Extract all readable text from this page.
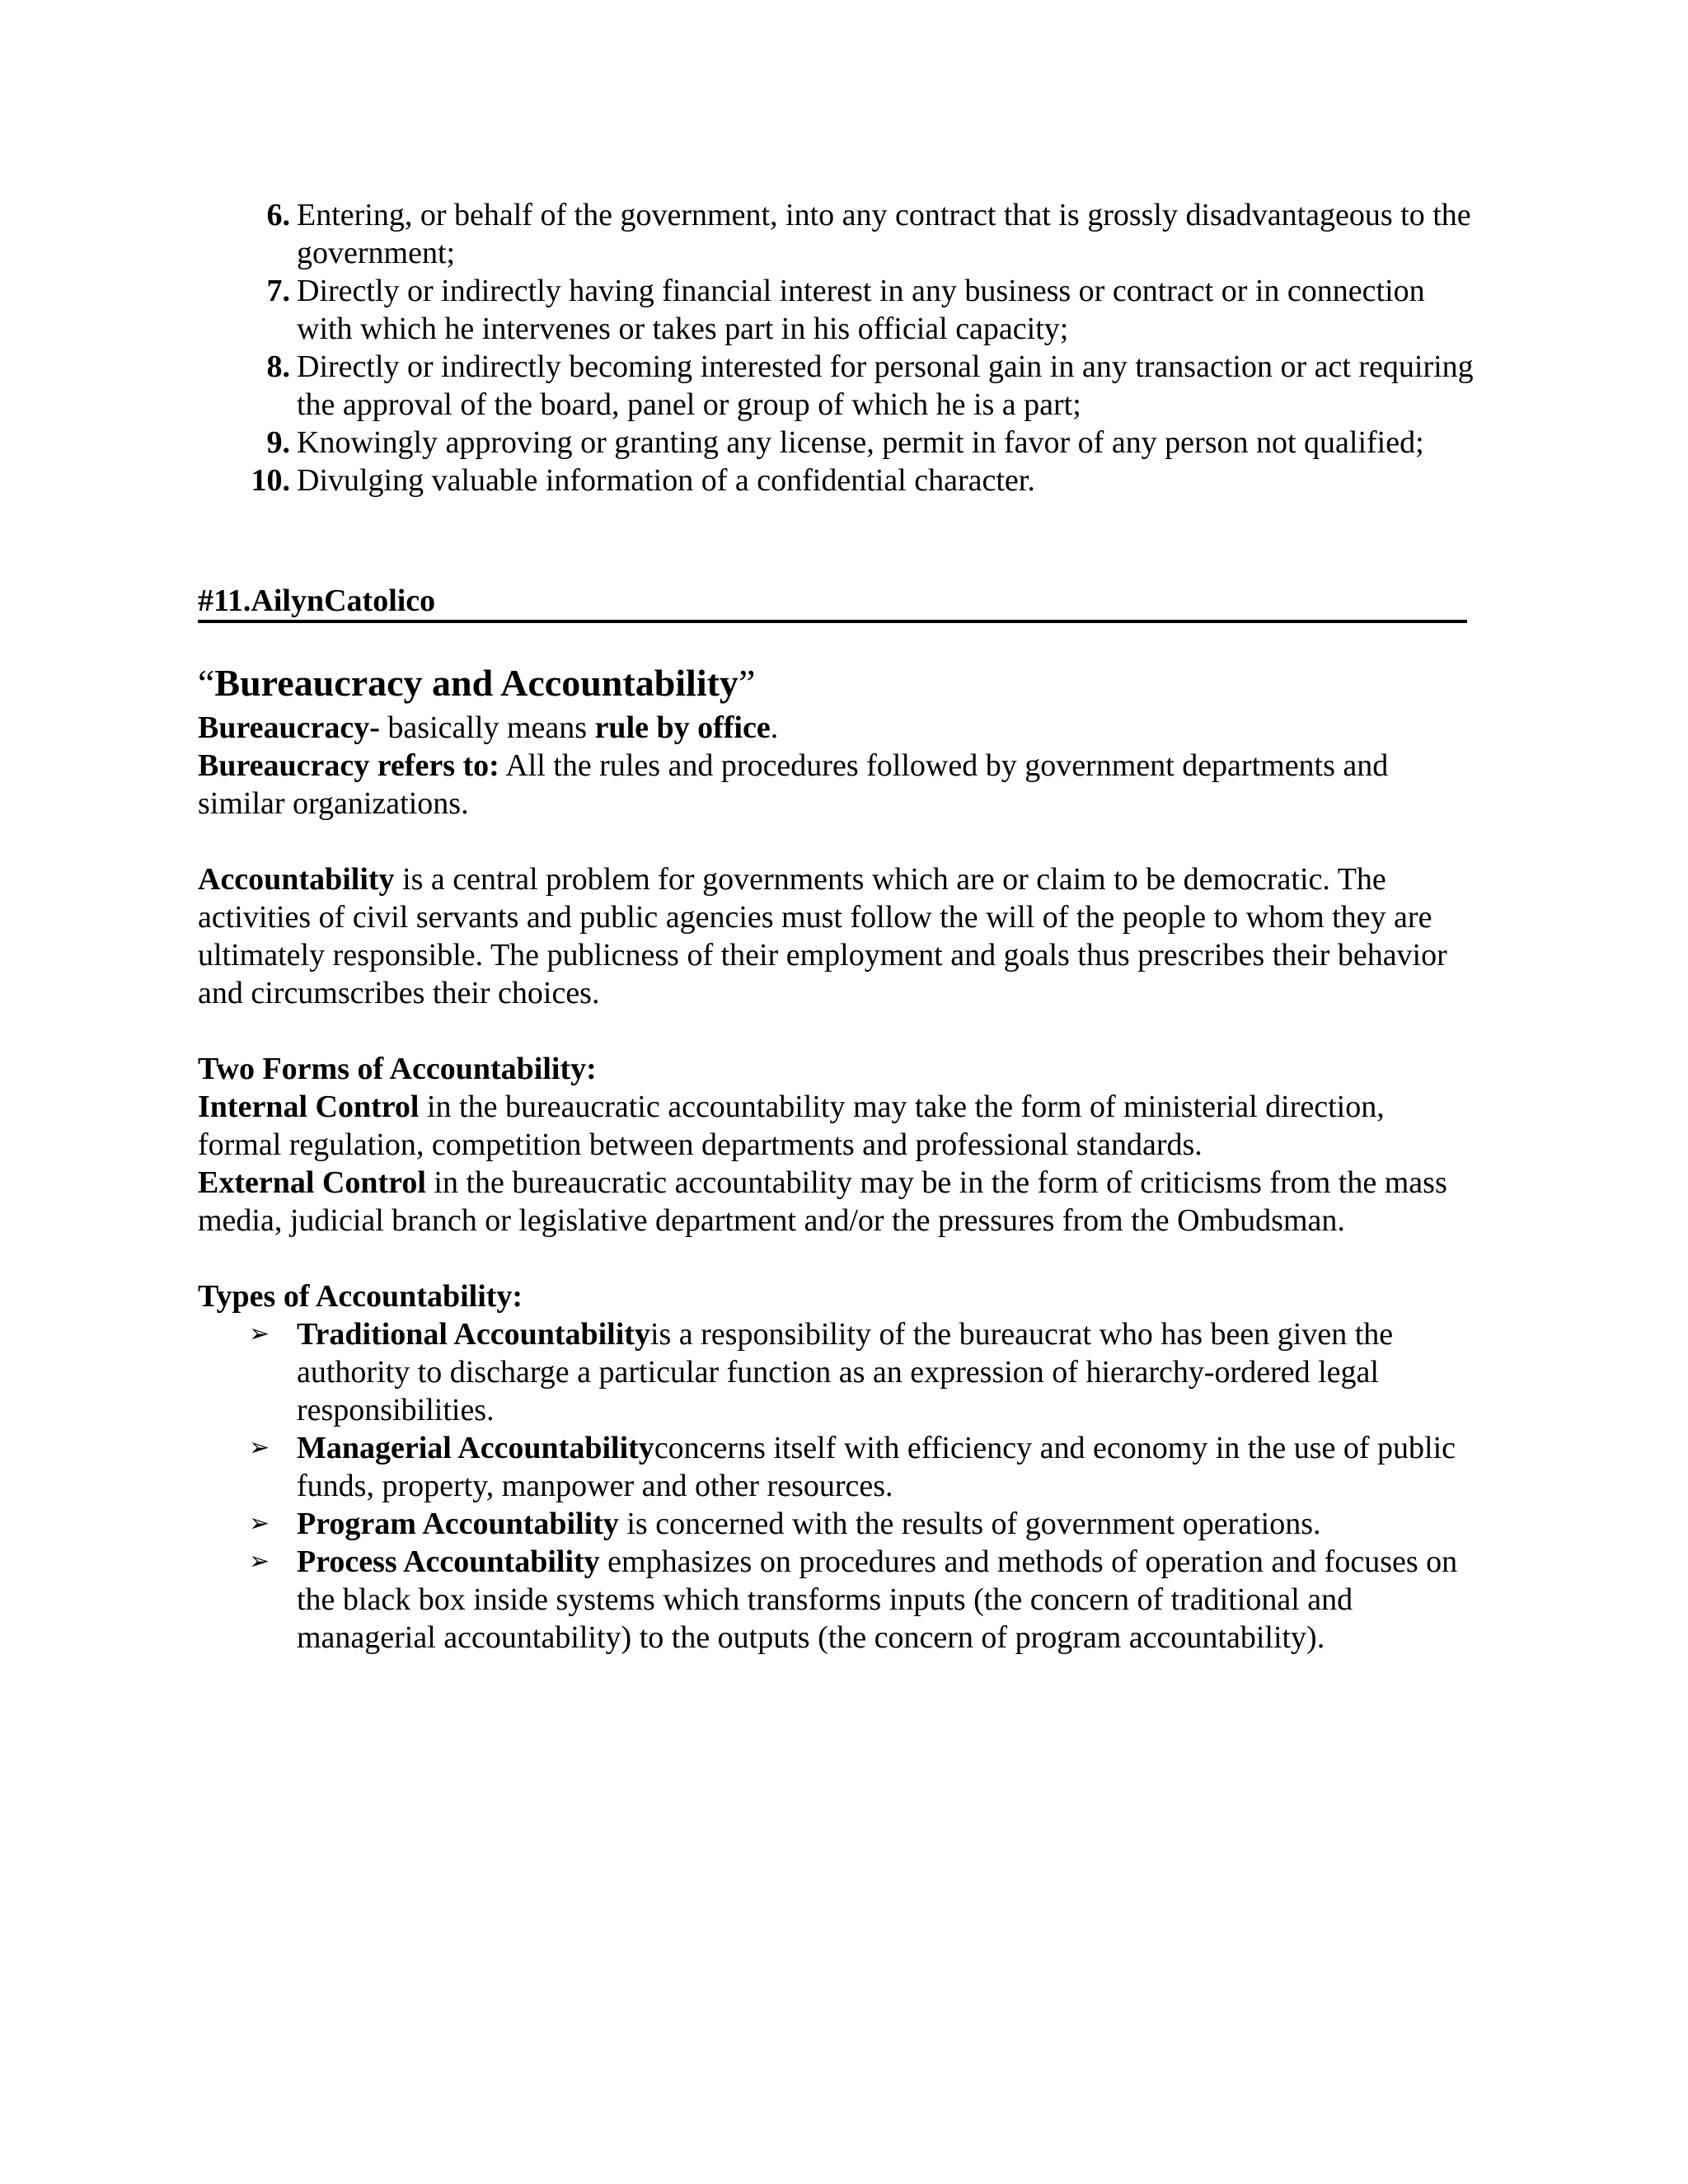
6. Entering, or behalf of the government, into any contract that is grossly disadvantageous to the government;
7. Directly or indirectly having financial interest in any business or contract or in connection with which he intervenes or takes part in his official capacity;
8. Directly or indirectly becoming interested for personal gain in any transaction or act requiring the approval of the board, panel or group of which he is a part;
9. Knowingly approving or granting any license, permit in favor of any person not qualified;
10. Divulging valuable information of a confidential character.
#11.AilynCatolico
“Bureaucracy and Accountability”

Bureaucracy- basically means rule by office.

Bureaucracy refers to: All the rules and procedures followed by government departments and similar organizations.

Accountability is a central problem for governments which are or claim to be democratic. The activities of civil servants and public agencies must follow the will of the people to whom they are ultimately responsible. The publicness of their employment and goals thus prescribes their behavior and circumscribes their choices.

Two Forms of Accountability:

Internal Control in the bureaucratic accountability may take the form of ministerial direction, formal regulation, competition between departments and professional standards.

External Control in the bureaucratic accountability may be in the form of criticisms from the mass media, judicial branch or legislative department and/or the pressures from the Ombudsman.

Types of Accountability:

➢ Traditional Accountabilityis a responsibility of the bureaucrat who has been given the authority to discharge a particular function as an expression of hierarchy-ordered legal responsibilities.
➢ Managerial Accountabilityconcerns itself with efficiency and economy in the use of public funds, property, manpower and other resources.
➢ Program Accountability is concerned with the results of government operations.
➢ Process Accountability emphasizes on procedures and methods of operation and focuses on the black box inside systems which transforms inputs (the concern of traditional and managerial accountability) to the outputs (the concern of program accountability).
